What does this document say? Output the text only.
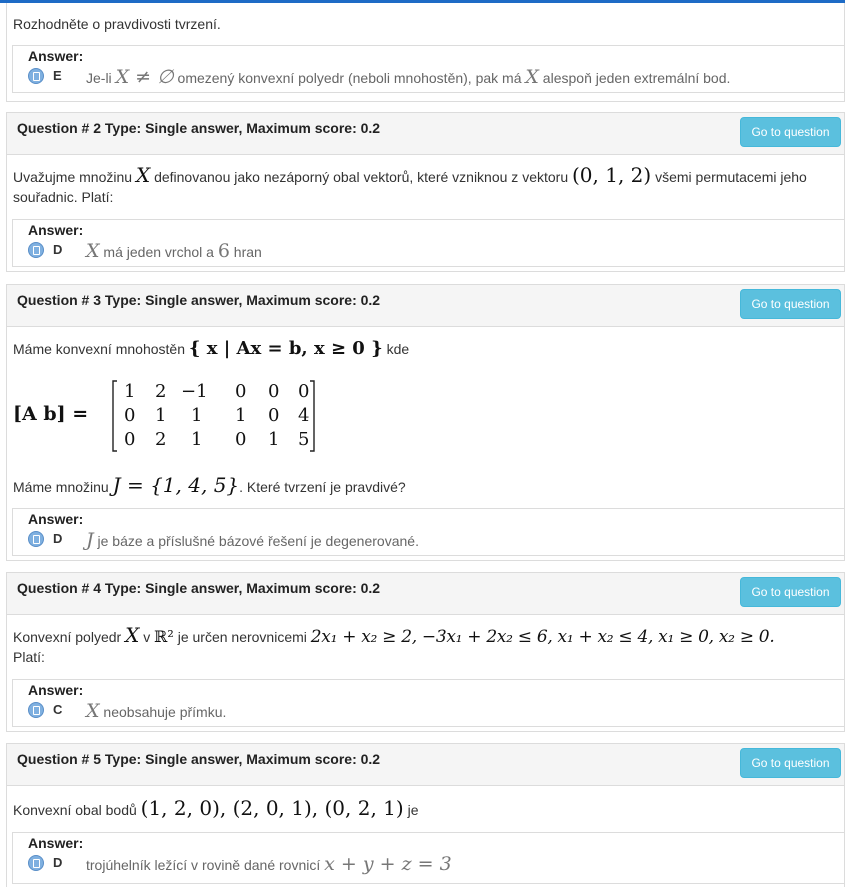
Rozhodněte o pravdivosti tvrzení.
Answer:
E Je-li X ≠ ∅ omezený konvexní polyedr (neboli mnohostěn), pak má X alespoň jeden extremální bod.
Question # 2 Type: Single answer, Maximum score: 0.2	Go to question
Uvažujme množinu X definovanou jako nezáporný obal vektorů, které vzniknou z vektoru (0, 1, 2) všemi permutacemi jeho
souřadnic. Platí:
Answer:
D X má jeden vrchol a 6 hran
Question # 3 Type: Single answer, Maximum score: 0.2	Go to question
Máme konvexní mnohostěn { x | Ax = b, x ≥ 0 } kde
[A b] =
1 2 −1 0 0 0
0 1 1 1 0 4
0 2 1 0 1 5
Máme množinu J = {1, 4, 5}. Které tvrzení je pravdivé?
Answer:
D J je báze a příslušné bázové řešení je degenerované.
Question # 4 Type: Single answer, Maximum score: 0.2	Go to question
Konvexní polyedr X v ℝ² je určen nerovnicemi 2x₁ + x₂ ≥ 2, −3x₁ + 2x₂ ≤ 6, x₁ + x₂ ≤ 4, x₁ ≥ 0, x₂ ≥ 0.
Platí:
Answer:
C X neobsahuje přímku.
Question # 5 Type: Single answer, Maximum score: 0.2	Go to question
Konvexní obal bodů (1, 2, 0), (2, 0, 1), (0, 2, 1) je
Answer:
D trojúhelník ležící v rovině dané rovnicí x + y + z = 3
